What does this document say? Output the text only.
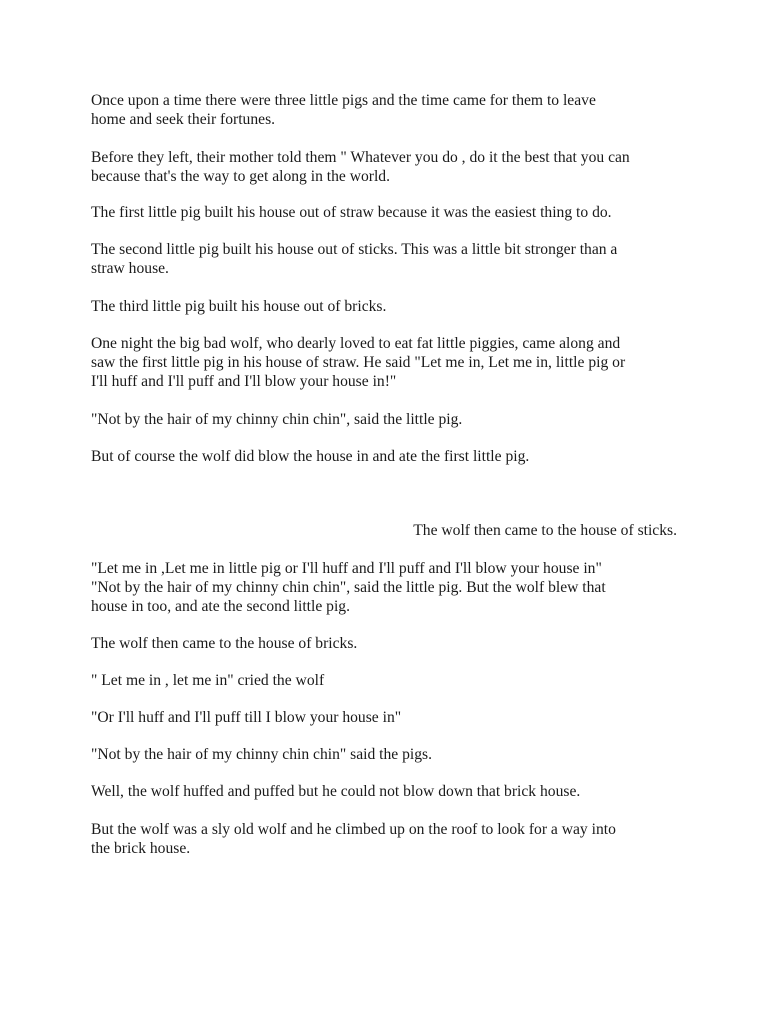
Once upon a time there were three little pigs and the time came for them to leave
home and seek their fortunes.

Before they left, their mother told them " Whatever you do , do it the best that you can
because that's the way to get along in the world.

The first little pig built his house out of straw because it was the easiest thing to do.

The second little pig built his house out of sticks. This was a little bit stronger than a
straw house.

The third little pig built his house out of bricks.

One night the big bad wolf, who dearly loved to eat fat little piggies, came along and
saw the first little pig in his house of straw. He said "Let me in, Let me in, little pig or
I'll huff and I'll puff and I'll blow your house in!"

"Not by the hair of my chinny chin chin", said the little pig.

But of course the wolf did blow the house in and ate the first little pig.

The wolf then came to the house of sticks.

"Let me in ,Let me in little pig or I'll huff and I'll puff and I'll blow your house in"
"Not by the hair of my chinny chin chin", said the little pig. But the wolf blew that
house in too, and ate the second little pig.

The wolf then came to the house of bricks.

" Let me in , let me in" cried the wolf

"Or I'll huff and I'll puff till I blow your house in"

"Not by the hair of my chinny chin chin" said the pigs.

Well, the wolf huffed and puffed but he could not blow down that brick house.

But the wolf was a sly old wolf and he climbed up on the roof to look for a way into
the brick house.
